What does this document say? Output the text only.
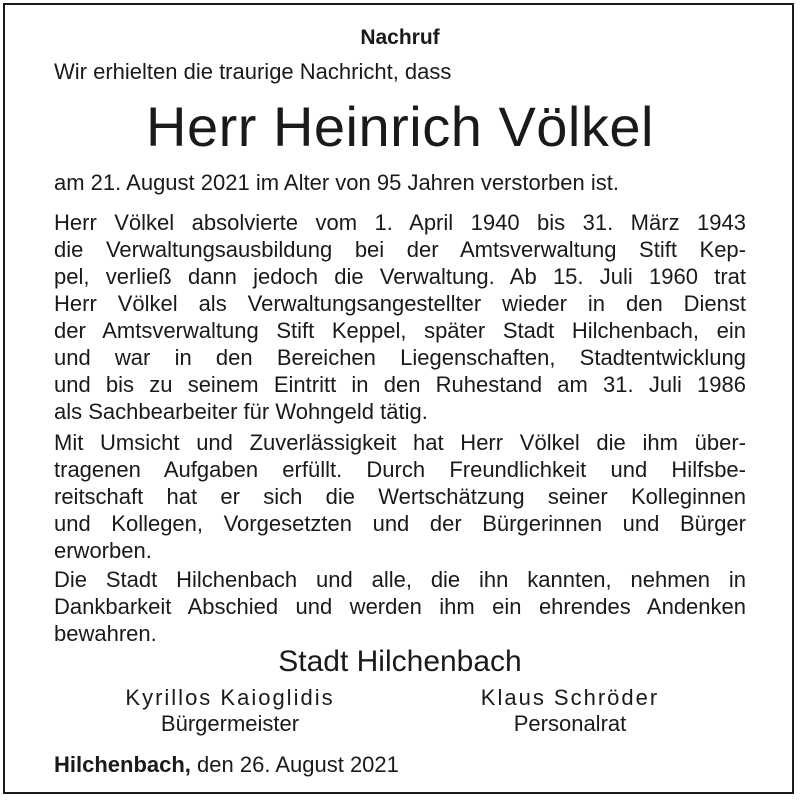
Nachruf
Wir erhielten die traurige Nachricht, dass
Herr Heinrich Völkel
am 21. August 2021 im Alter von 95 Jahren verstorben ist.
Herr Völkel absolvierte vom 1. April 1940 bis 31. März 1943
die Verwaltungsausbildung bei der Amtsverwaltung Stift Kep-
pel, verließ dann jedoch die Verwaltung. Ab 15. Juli 1960 trat
Herr Völkel als Verwaltungsangestellter wieder in den Dienst
der Amtsverwaltung Stift Keppel, später Stadt Hilchenbach, ein
und war in den Bereichen Liegenschaften, Stadtentwicklung
und bis zu seinem Eintritt in den Ruhestand am 31. Juli 1986
als Sachbearbeiter für Wohngeld tätig.
Mit Umsicht und Zuverlässigkeit hat Herr Völkel die ihm über-
tragenen Aufgaben erfüllt. Durch Freundlichkeit und Hilfsbe-
reitschaft hat er sich die Wertschätzung seiner Kolleginnen
und Kollegen, Vorgesetzten und der Bürgerinnen und Bürger
erworben.
Die Stadt Hilchenbach und alle, die ihn kannten, nehmen in
Dankbarkeit Abschied und werden ihm ein ehrendes Andenken
bewahren.
Stadt Hilchenbach
Kyrillos Kaioglidis
Bürgermeister
Klaus Schröder
Personalrat
Hilchenbach, den 26. August 2021
